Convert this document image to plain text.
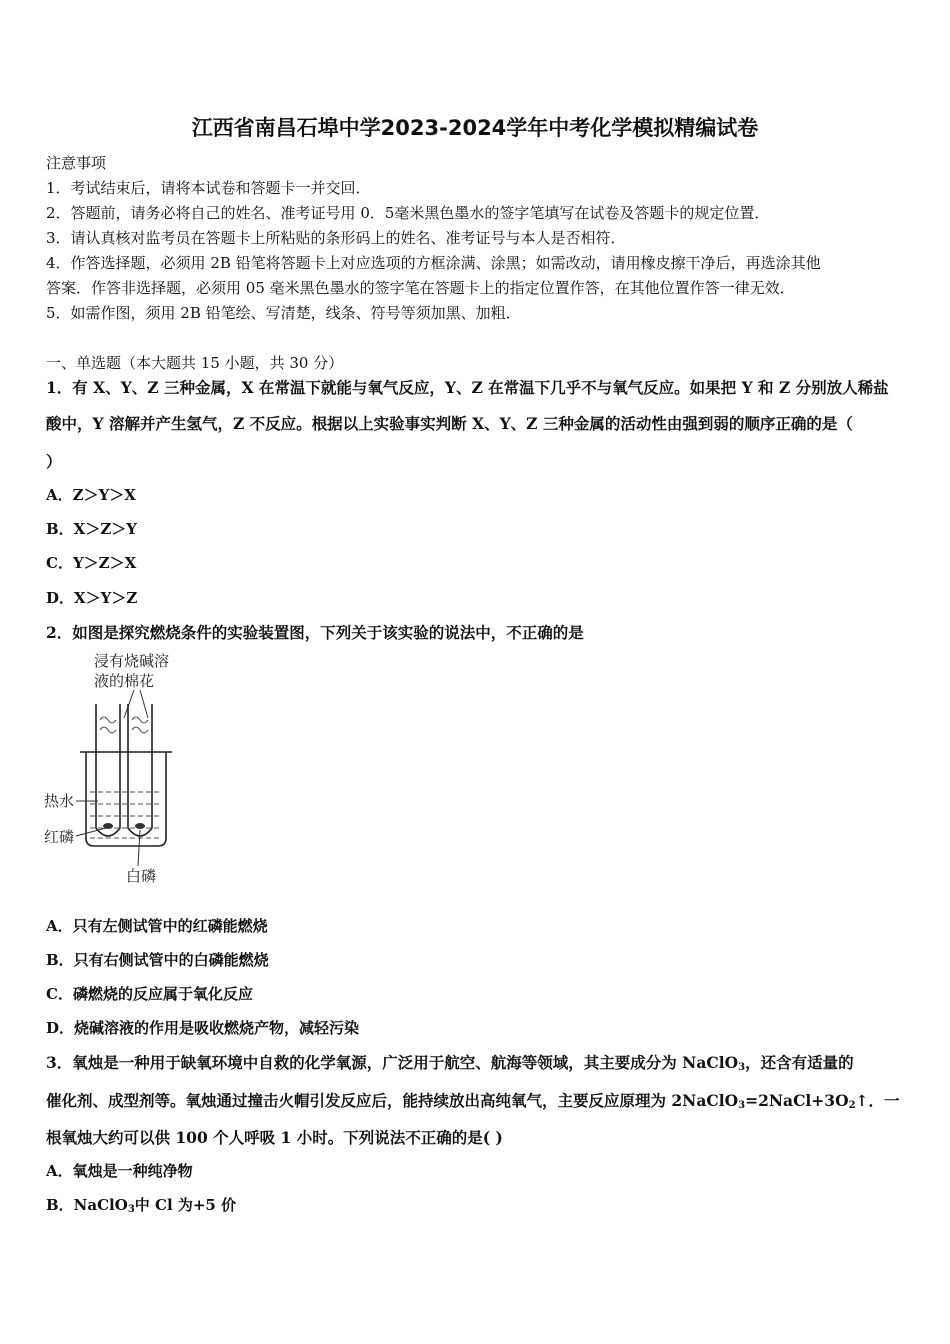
江西省南昌石埠中学2023-2024学年中考化学模拟精编试卷
注意事项
1．考试结束后，请将本试卷和答题卡一并交回．
2．答题前，请务必将自己的姓名、准考证号用 0．5毫米黑色墨水的签字笔填写在试卷及答题卡的规定位置．
3．请认真核对监考员在答题卡上所粘贴的条形码上的姓名、准考证号与本人是否相符．
4．作答选择题，必须用 2B 铅笔将答题卡上对应选项的方框涂满、涂黑；如需改动，请用橡皮擦干净后，再选涂其他
答案．作答非选择题，必须用 05 毫米黑色墨水的签字笔在答题卡上的指定位置作答，在其他位置作答一律无效．
5．如需作图，须用 2B 铅笔绘、写清楚，线条、符号等须加黑、加粗．
一、单选题（本大题共 15 小题，共 30 分）
1．有 X、Y、Z 三种金属，X 在常温下就能与氧气反应，Y、Z 在常温下几乎不与氧气反应。如果把 Y 和 Z 分别放人稀盐
酸中，Y 溶解并产生氢气，Z 不反应。根据以上实验事实判断 X、Y、Z 三种金属的活动性由强到弱的顺序正确的是（
）
A．Z＞Y＞X
B．X＞Z＞Y
C．Y＞Z＞X
D．X＞Y＞Z
2．如图是探究燃烧条件的实验装置图，下列关于该实验的说法中，不正确的是
浸有烧碱溶
液的棉花
热水
红磷
白磷
A．只有左侧试管中的红磷能燃烧
B．只有右侧试管中的白磷能燃烧
C．磷燃烧的反应属于氧化反应
D．烧碱溶液的作用是吸收燃烧产物，减轻污染
3．氧烛是一种用于缺氧环境中自救的化学氧源，广泛用于航空、航海等领域，其主要成分为 NaClO$_3$，还含有适量的
催化剂、成型剂等。氧烛通过撞击火帽引发反应后，能持续放出高纯氧气，主要反应原理为 $2NaClO_3=2NaCl+3O_2↑$．一
根氧烛大约可以供 100 个人呼吸 1 小时。下列说法不正确的是( )
A．氧烛是一种纯净物
B．NaClO$_3$中 Cl 为+5 价
